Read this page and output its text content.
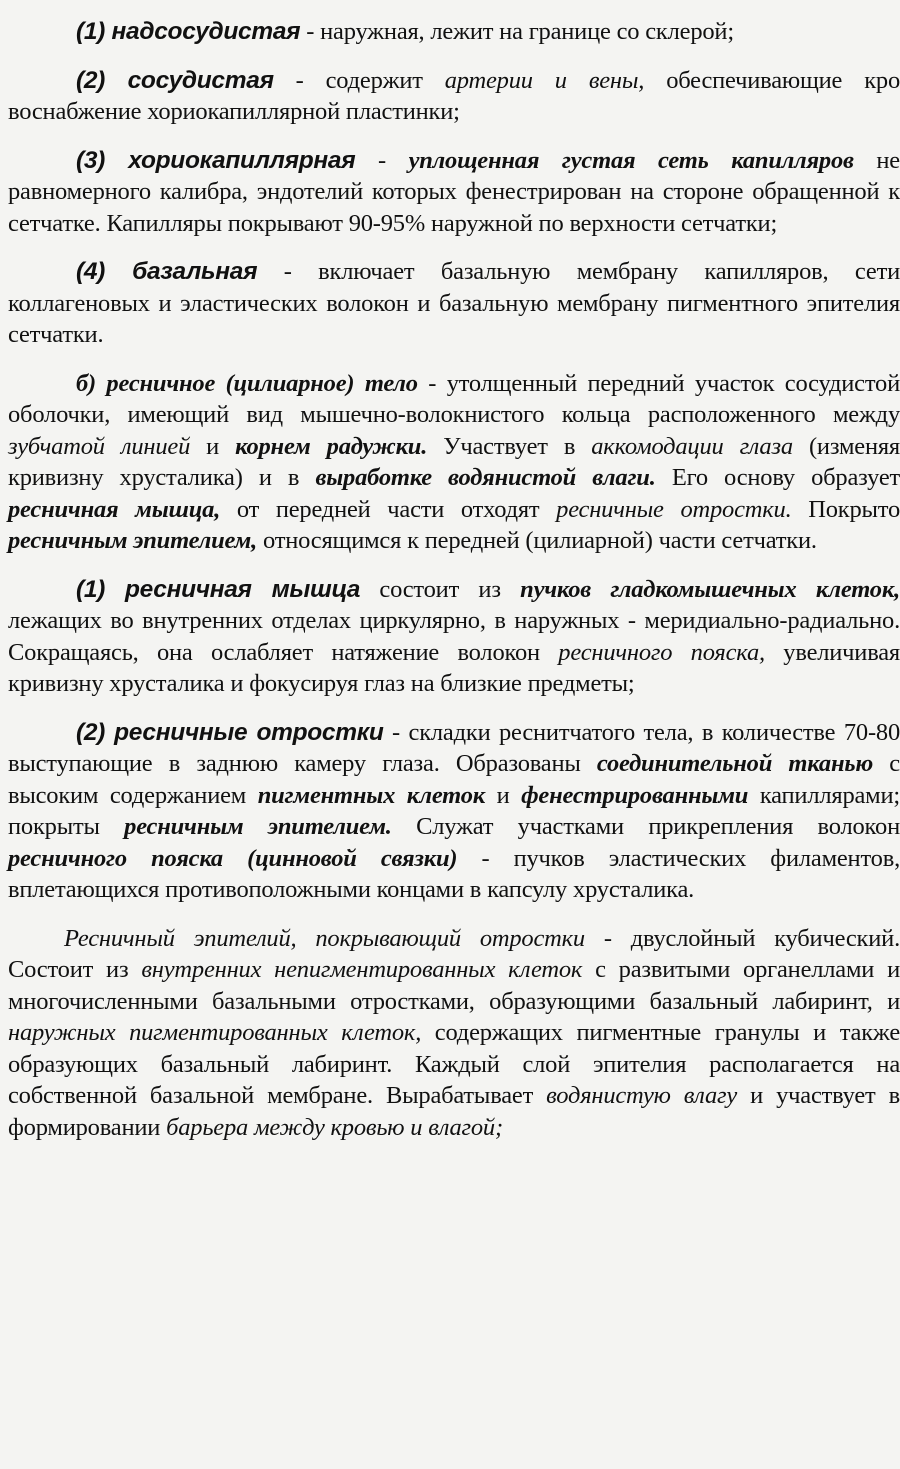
(1) надсосудистая - наружная, лежит на границе со склерой;

(2) сосудистая - содержит артерии и вены, обеспечивающие кро воснабжение хориокапиллярной пластинки;

(3) хориокапиллярная - уплощенная густая сеть капилляров не равномерного калибра, эндотелий которых фенестрирован на стороне обращенной к сетчатке. Капилляры покрывают 90-95% наружной по верхности сетчатки;

(4) базальная - включает базальную мембрану капилляров, сети коллагеновых и эластических волокон и базальную мембрану пигментного эпителия сетчатки.

б) ресничное (цилиарное) тело - утолщенный передний участок сосудистой оболочки, имеющий вид мышечно-волокнистого кольца расположенного между зубчатой линией и корнем радужки. Участвует в аккомодации глаза (изменяя кривизну хрусталика) и в выработке водянистой влаги. Его основу образует ресничная мышца, от передней части отходят ресничные отростки. Покрыто ресничным эпителием, относящимся к передней (цилиарной) части сетчатки.

(1) ресничная мышца состоит из пучков гладкомышечных клеток, лежащих во внутренних отделах циркулярно, в наружных - меридиально-радиально. Сокращаясь, она ослабляет натяжение волокон ресничного пояска, увеличивая кривизну хрусталика и фокусируя глаз на близкие предметы;

(2) ресничные отростки - складки реснитчатого тела, в количестве 70-80 выступающие в заднюю камеру глаза. Образованы соединительной тканью с высоким содержанием пигментных клеток и фенестрированными капиллярами; покрыты ресничным эпителием. Служат участками прикрепления волокон ресничного пояска (цинновой связки) - пучков эластических филаментов, вплетающихся противоположными концами в капсулу хрусталика.

Ресничный эпителий, покрывающий отростки - двуслойный кубический. Состоит из внутренних непигментированных клеток с развитыми органеллами и многочисленными базальными отростками, образующими базальный лабиринт, и наружных пигментированных клеток, содержащих пигментные гранулы и также образующих базальный лабиринт. Каждый слой эпителия располагается на собственной базальной мембране. Вырабатывает водянистую влагу и участвует в формировании барьера между кровью и влагой;
